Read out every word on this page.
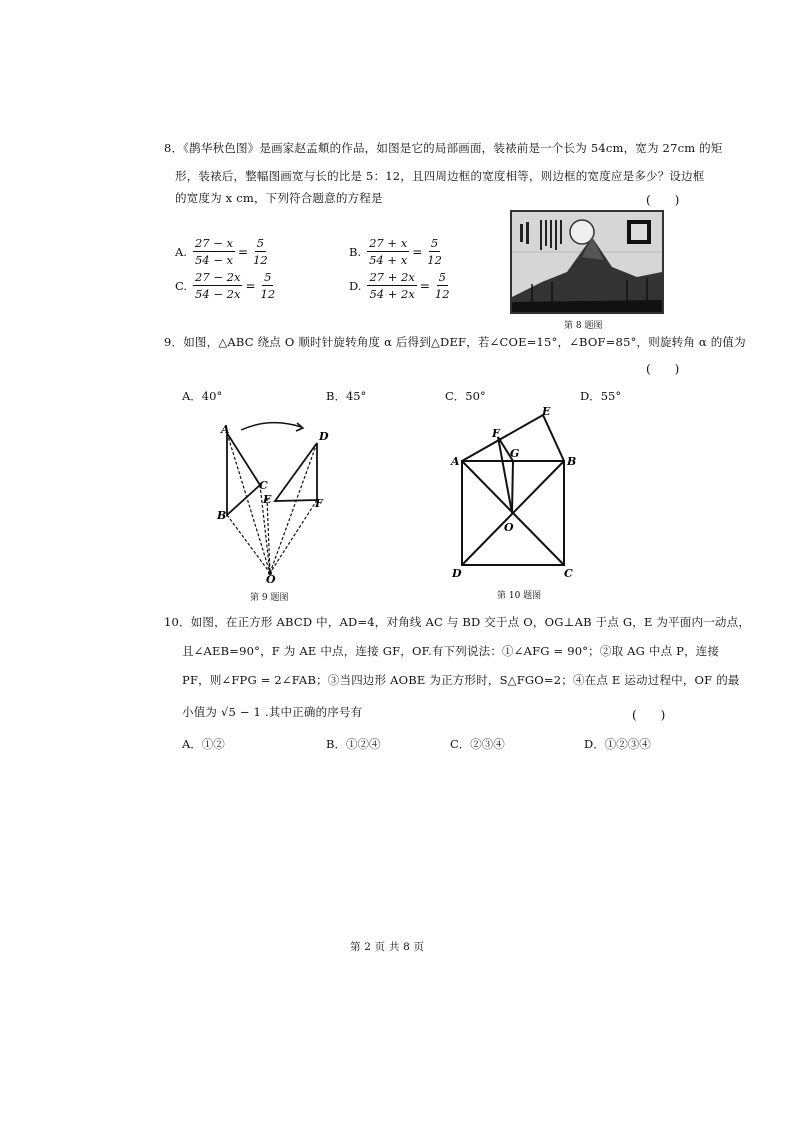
8．《鹊华秋色图》是画家赵孟頫的作品，如图是它的局部画面，装裱前是一个长为 54cm，宽为 27cm 的矩
形，装裱后，整幅图画宽与长的比是 5：12，且四周边框的宽度相等，则边框的宽度应是多少？设边框
的宽度为 x cm，下列符合题意的方程是	(　　)
A. $\frac{27 - x}{54 - x} = \frac{5}{12}$	B. $\frac{27 + x}{54 + x} = \frac{5}{12}$
C. $\frac{27 - 2x}{54 - 2x} = \frac{5}{12}$	D. $\frac{27 + 2x}{54 + 2x} = \frac{5}{12}$
第 8 题图
9．如图，△ABC 绕点 O 顺时针旋转角度 α 后得到△DEF，若∠COE=15°，∠BOF=85°，则旋转角 α 的值为
(　　)
A．40°	B．45°	C．50°	D．55°
A
B
C
D
E	F
O
第 9 题图
A	B
C
D
E
F
G
O
第 10 题图
10．如图，在正方形 ABCD 中，AD=4，对角线 AC 与 BD 交于点 O，OG⊥AB 于点 G，E 为平面内一动点，
且∠AEB=90°，F 为 AE 中点，连接 GF，OF.有下列说法：①∠AFG = 90°；②取 AG 中点 P，连接
PF，则∠FPG = 2∠FAB；③当四边形 AOBE 为正方形时，S△FGO=2；④在点 E 运动过程中，OF 的最
小值为 √5 − 1 .其中正确的序号有	(　　)
A．①②	B．①②④	C．②③④	D．①②③④
第 2 页 共 8 页
